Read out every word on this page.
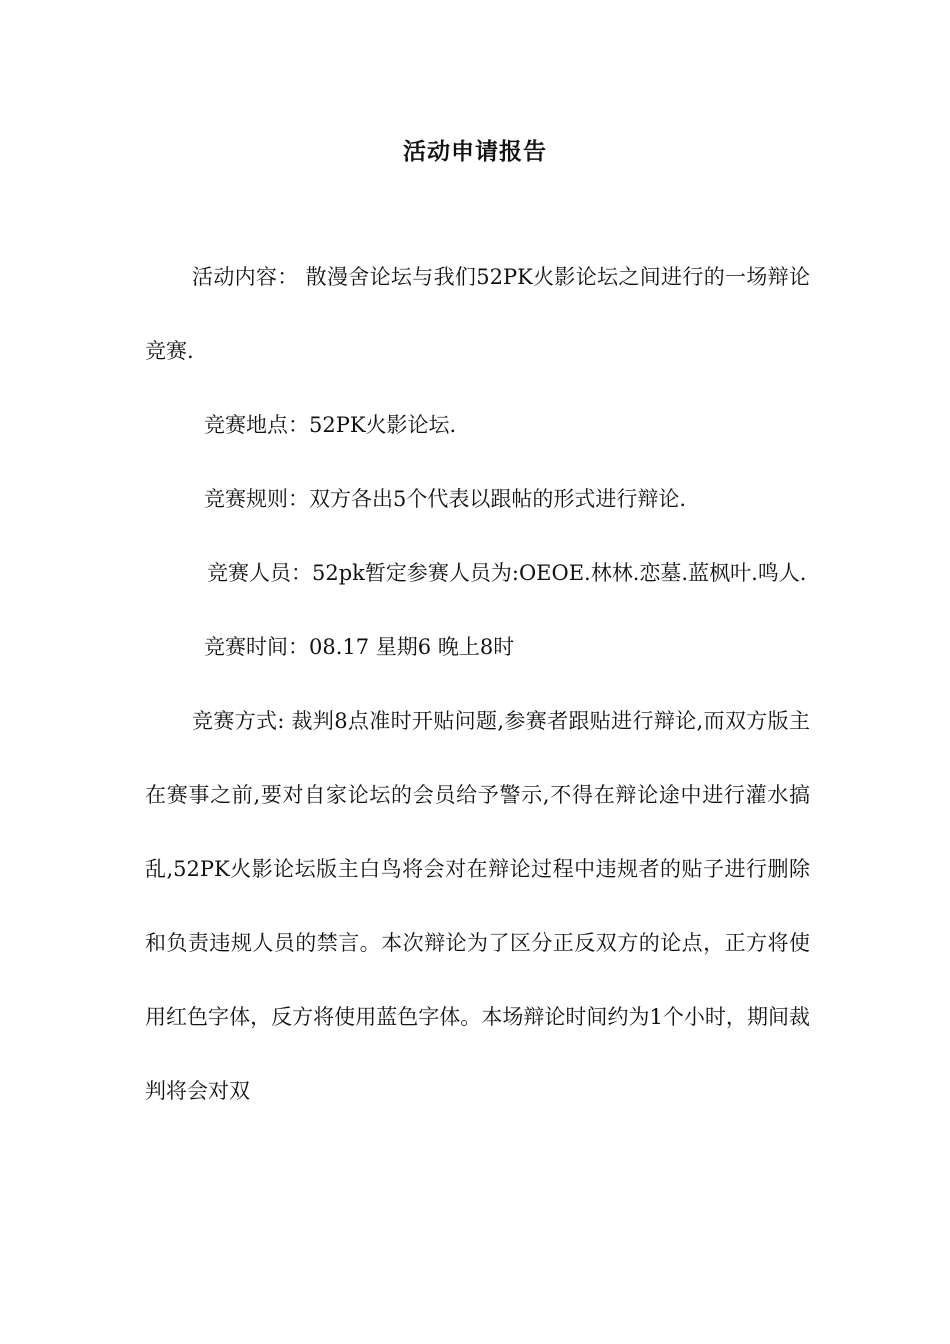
活动申请报告

活动内容： 散漫舍论坛与我们52PK火影论坛之间进行的一场辩论竞赛.

竞赛地点：52PK火影论坛.

竞赛规则：双方各出5个代表以跟帖的形式进行辩论.

竞赛人员：52pk暂定参赛人员为:OEOE.林林.恋墓.蓝枫叶.鸣人.

竞赛时间：08.17 星期6 晚上8时

竞赛方式: 裁判8点准时开贴问题,参赛者跟贴进行辩论,而双方版主在赛事之前,要对自家论坛的会员给予警示,不得在辩论途中进行灌水搞乱,52PK火影论坛版主白鸟将会对在辩论过程中违规者的贴子进行删除和负责违规人员的禁言。本次辩论为了区分正反双方的论点，正方将使用红色字体，反方将使用蓝色字体。本场辩论时间约为1个小时，期间裁判将会对双
